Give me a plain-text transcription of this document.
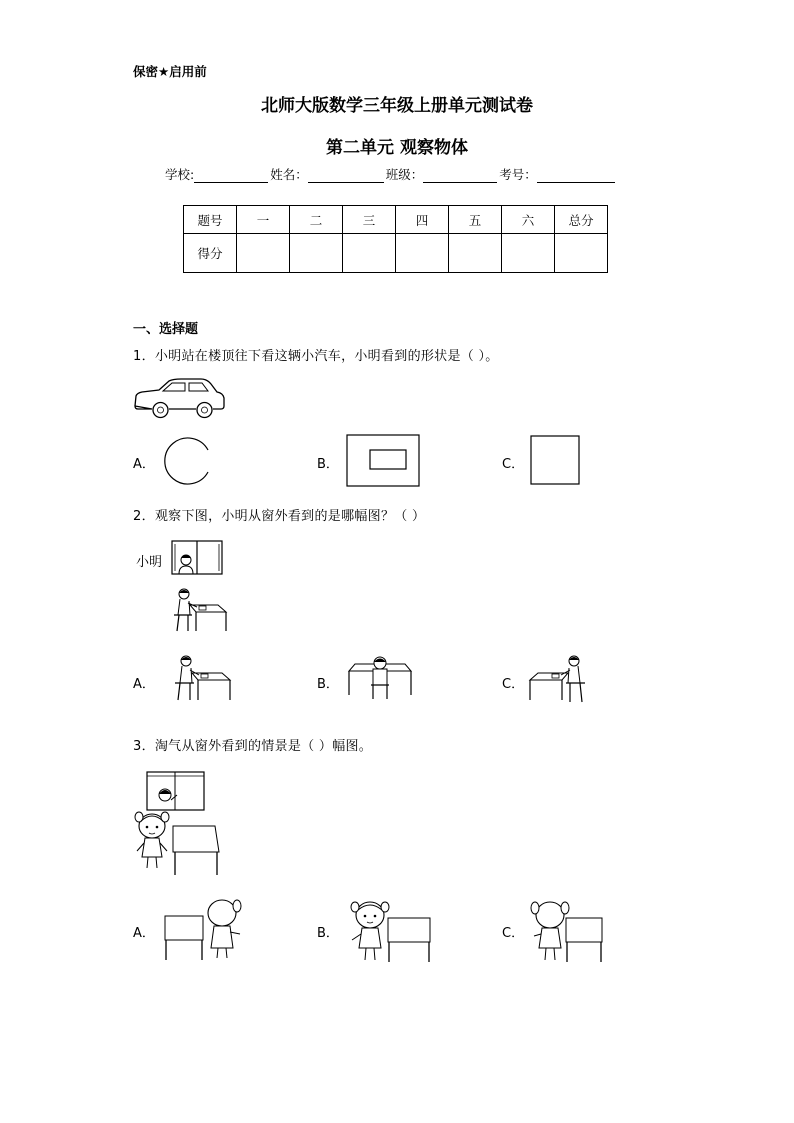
保密★启用前
北师大版数学三年级上册单元测试卷
第二单元 观察物体
学校:	姓名：	班级：	考号：
题号	一	二	三	四	五	六	总分
得分							
一、选择题
1．小明站在楼顶往下看这辆小汽车，小明看到的形状是（ ）。
A．	B．	C．
2．观察下图，小明从窗外看到的是哪幅图？（ ）
小明
A．	B．	C．
3．淘气从窗外看到的情景是（ ）幅图。
A．	B．	C．
